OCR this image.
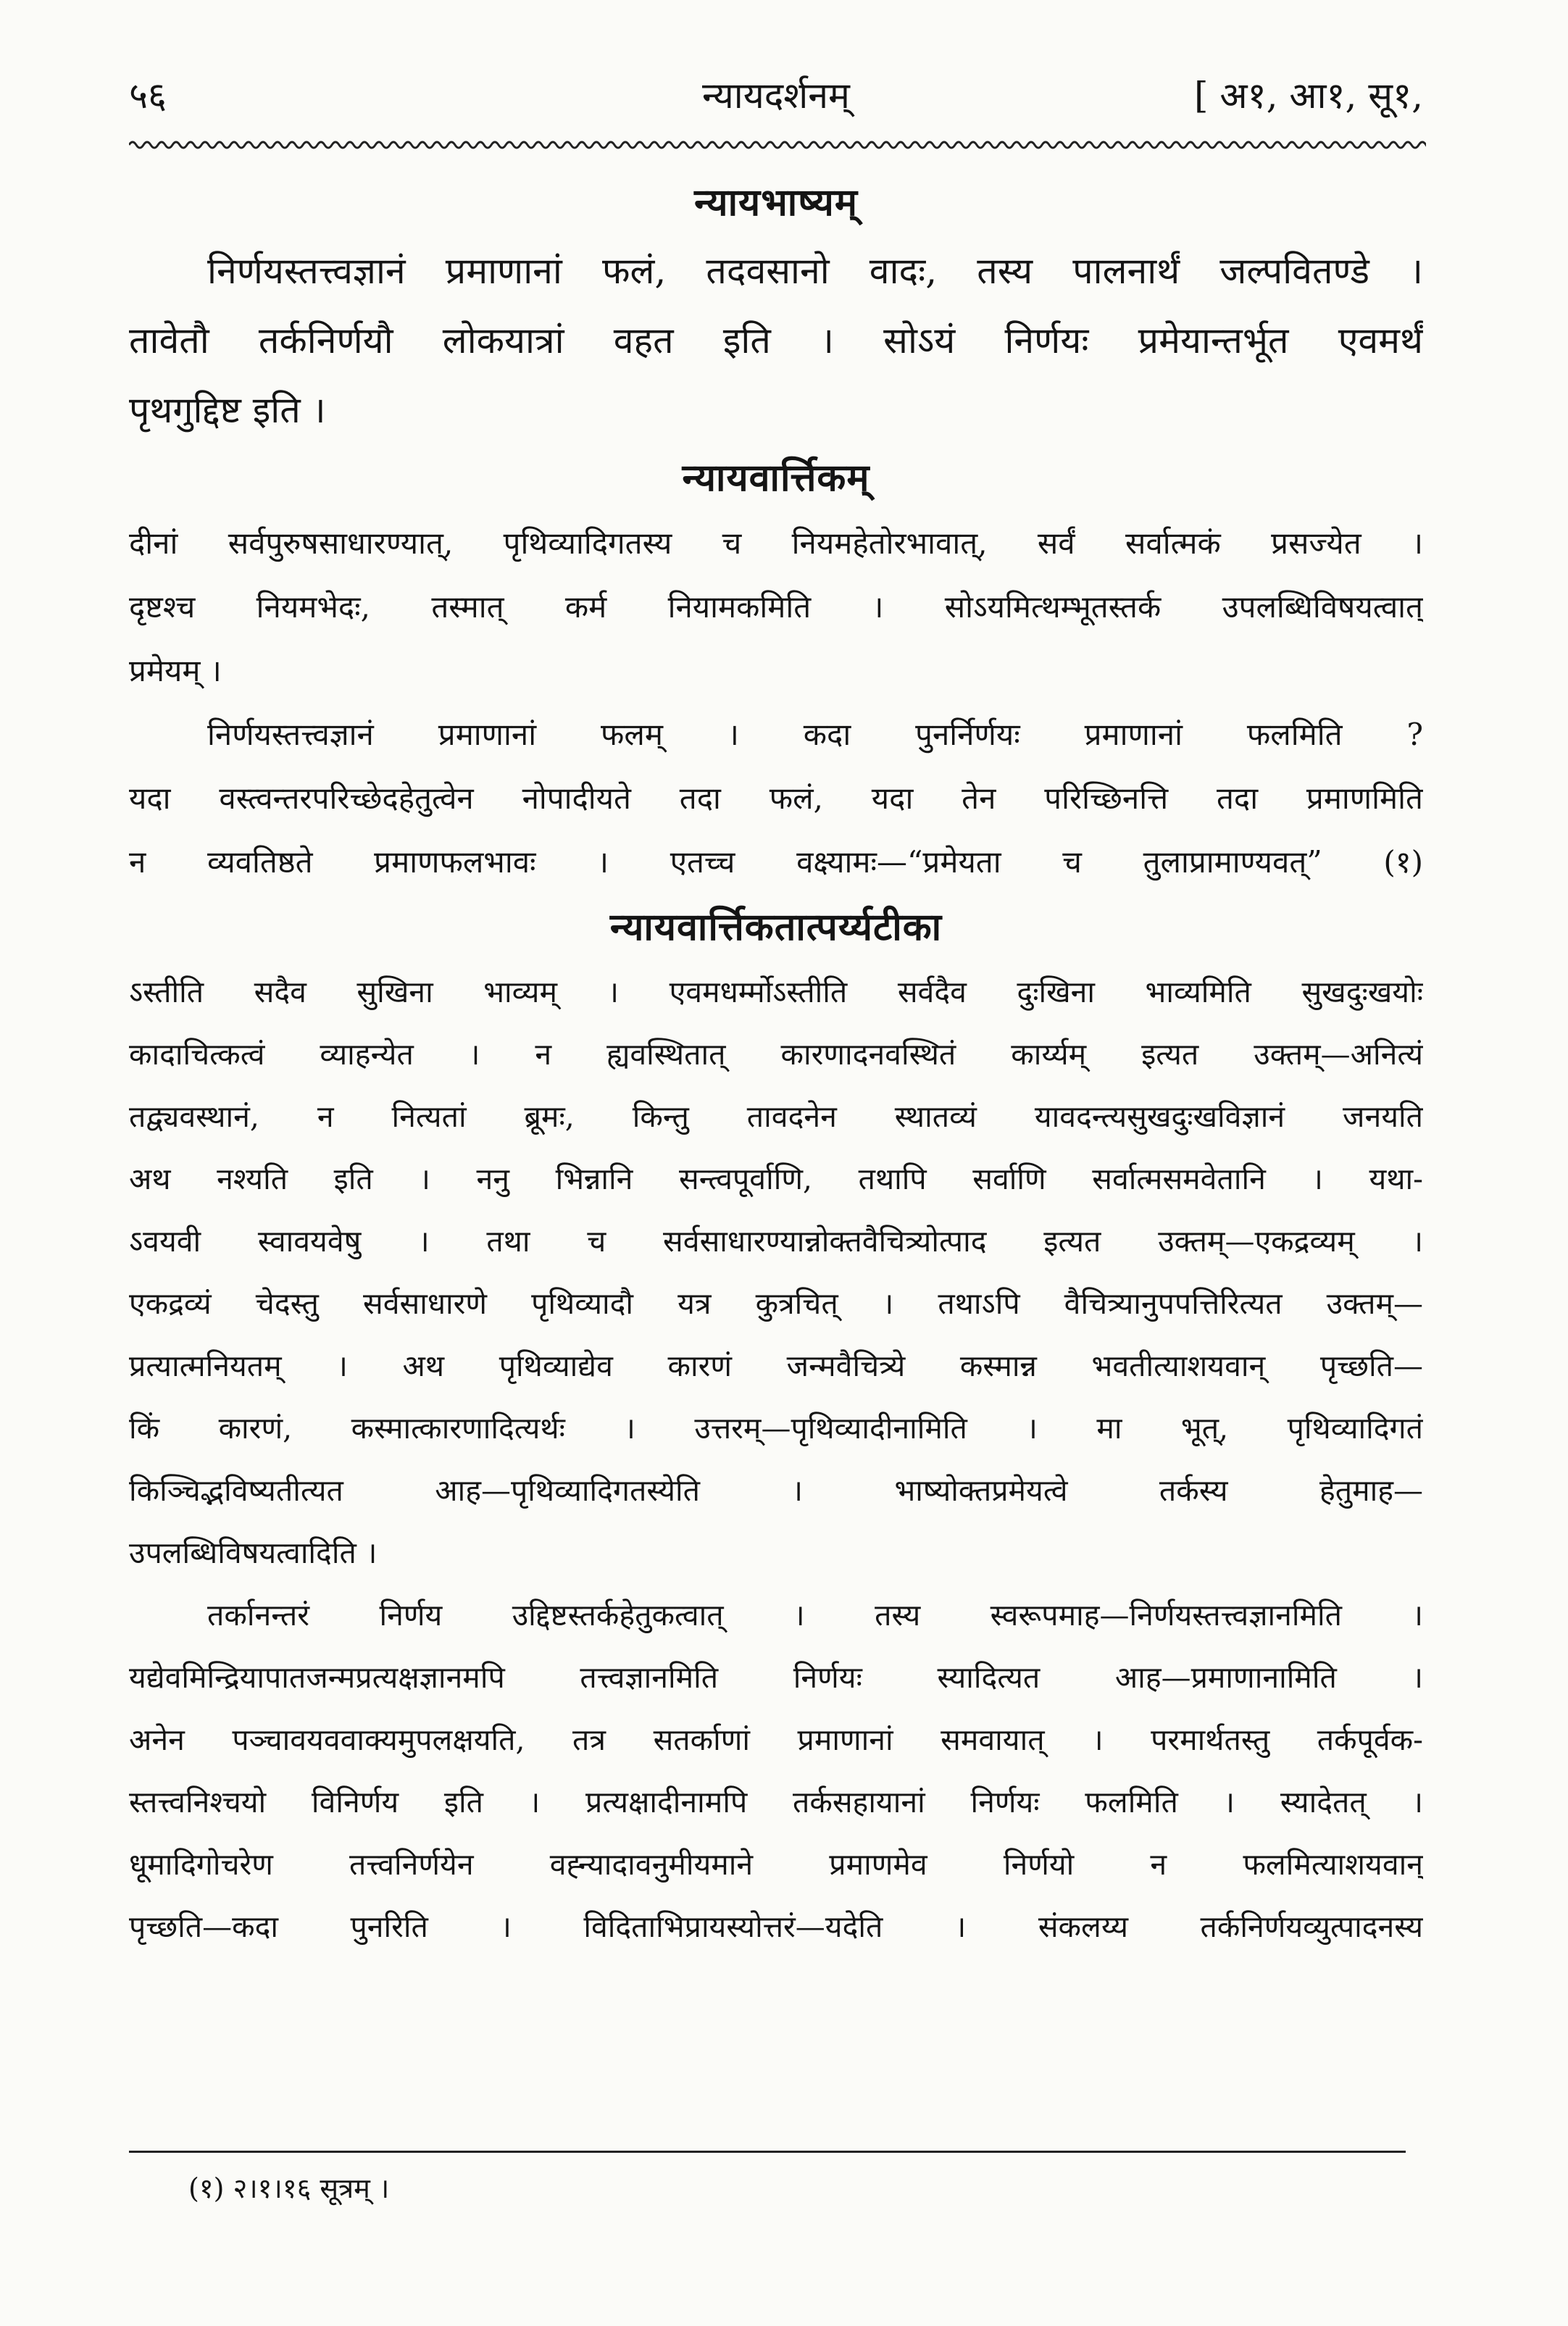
५६	न्यायदर्शनम्	[ अ१, आ१, सू१,
न्यायभाष्यम्
निर्णयस्तत्त्वज्ञानं प्रमाणानां फलं, तदवसानो वादः, तस्य पालनार्थं जल्पवितण्डे ।
तावेतौ तर्कनिर्णयौ लोकयात्रां वहत इति । सोऽयं निर्णयः प्रमेयान्तर्भूत एवमर्थं
पृथगुद्दिष्ट इति ।
न्यायवार्त्तिकम्
दीनां सर्वपुरुषसाधारण्यात्, पृथिव्यादिगतस्य च नियमहेतोरभावात्, सर्वं सर्वात्मकं प्रसज्येत ।
दृष्टश्च नियमभेदः, तस्मात् कर्म नियामकमिति । सोऽयमित्थम्भूतस्तर्क उपलब्धिविषयत्वात्
प्रमेयम् ।
निर्णयस्तत्त्वज्ञानं प्रमाणानां फलम् । कदा पुनर्निर्णयः प्रमाणानां फलमिति ?
यदा वस्त्वन्तरपरिच्छेदहेतुत्वेन नोपादीयते तदा फलं, यदा तेन परिच्छिनत्ति तदा प्रमाणमिति
न व्यवतिष्ठते प्रमाणफलभावः । एतच्च वक्ष्यामः—“प्रमेयता च तुलाप्रामाण्यवत्” (१)
न्यायवार्त्तिकतात्पर्य्यटीका
ऽस्तीति सदैव सुखिना भाव्यम् । एवमधर्म्मोऽस्तीति सर्वदैव दुःखिना भाव्यमिति सुखदुःखयोः
कादाचित्कत्वं व्याहन्येत । न ह्यवस्थितात् कारणादनवस्थितं कार्य्यम् इत्यत उक्तम्—अनित्यं
तद्व्यवस्थानं, न नित्यतां ब्रूमः, किन्तु तावदनेन स्थातव्यं यावदन्त्यसुखदुःखविज्ञानं जनयति
अथ नश्यति इति । ननु भिन्नानि सन्त्वपूर्वाणि, तथापि सर्वाणि सर्वात्मसमवेतानि । यथा-
ऽवयवी स्वावयवेषु । तथा च सर्वसाधारण्यान्नोक्तवैचित्र्योत्पाद इत्यत उक्तम्—एकद्रव्यम् ।
एकद्रव्यं चेदस्तु सर्वसाधारणे पृथिव्यादौ यत्र कुत्रचित् । तथाऽपि वैचित्र्यानुपपत्तिरित्यत उक्तम्—
प्रत्यात्मनियतम् । अथ पृथिव्याद्येव कारणं जन्मवैचित्र्ये कस्मान्न भवतीत्याशयवान् पृच्छति—
किं कारणं, कस्मात्कारणादित्यर्थः । उत्तरम्—पृथिव्यादीनामिति । मा भूत्, पृथिव्यादिगतं
किञ्चिद्भविष्यतीत्यत आह—पृथिव्यादिगतस्येति । भाष्योक्तप्रमेयत्वे तर्कस्य हेतुमाह—
उपलब्धिविषयत्वादिति ।
तर्कानन्तरं निर्णय उद्दिष्टस्तर्कहेतुकत्वात् । तस्य स्वरूपमाह—निर्णयस्तत्त्वज्ञानमिति ।
यद्येवमिन्द्रियापातजन्मप्रत्यक्षज्ञानमपि तत्त्वज्ञानमिति निर्णयः स्यादित्यत आह—प्रमाणानामिति ।
अनेन पञ्चावयववाक्यमुपलक्षयति, तत्र सतर्काणां प्रमाणानां समवायात् । परमार्थतस्तु तर्कपूर्वक-
स्तत्त्वनिश्चयो विनिर्णय इति । प्रत्यक्षादीनामपि तर्कसहायानां निर्णयः फलमिति । स्यादेतत् ।
धूमादिगोचरेण तत्त्वनिर्णयेन वह्न्यादावनुमीयमाने प्रमाणमेव निर्णयो न फलमित्याशयवान्
पृच्छति—कदा पुनरिति । विदिताभिप्रायस्योत्तरं—यदेति । संकलय्य तर्कनिर्णयव्युत्पादनस्य
(१) २।१।१६ सूत्रम् ।
